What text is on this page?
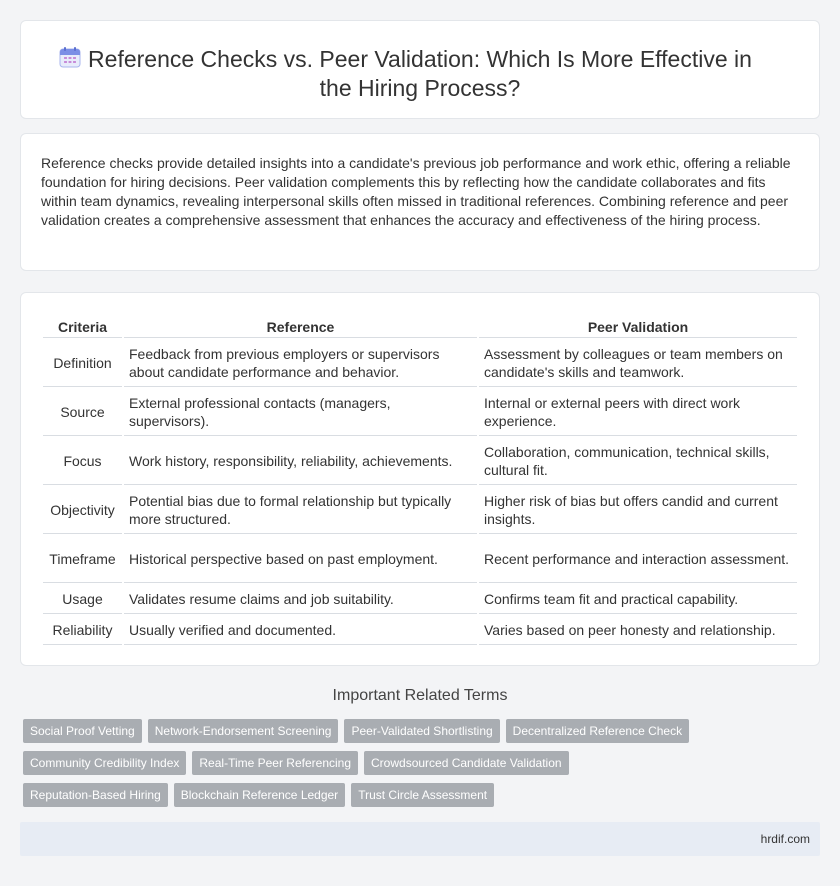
Reference Checks vs. Peer Validation: Which Is More Effective in the Hiring Process?

Reference checks provide detailed insights into a candidate's previous job performance and work ethic, offering a reliable foundation for hiring decisions. Peer validation complements this by reflecting how the candidate collaborates and fits within team dynamics, revealing interpersonal skills often missed in traditional references. Combining reference and peer validation creates a comprehensive assessment that enhances the accuracy and effectiveness of the hiring process.

Criteria	Reference	Peer Validation
Definition	Feedback from previous employers or supervisors about candidate performance and behavior.	Assessment by colleagues or team members on candidate's skills and teamwork.
Source	External professional contacts (managers, supervisors).	Internal or external peers with direct work experience.
Focus	Work history, responsibility, reliability, achievements.	Collaboration, communication, technical skills, cultural fit.
Objectivity	Potential bias due to formal relationship but typically more structured.	Higher risk of bias but offers candid and current insights.
Timeframe	Historical perspective based on past employment.	Recent performance and interaction assessment.
Usage	Validates resume claims and job suitability.	Confirms team fit and practical capability.
Reliability	Usually verified and documented.	Varies based on peer honesty and relationship.
Important Related Terms
Social Proof Vetting	Network-Endorsement Screening	Peer-Validated Shortlisting	Decentralized Reference Check
Community Credibility Index	Real-Time Peer Referencing	Crowdsourced Candidate Validation
Reputation-Based Hiring	Blockchain Reference Ledger	Trust Circle Assessment
hrdif.com
